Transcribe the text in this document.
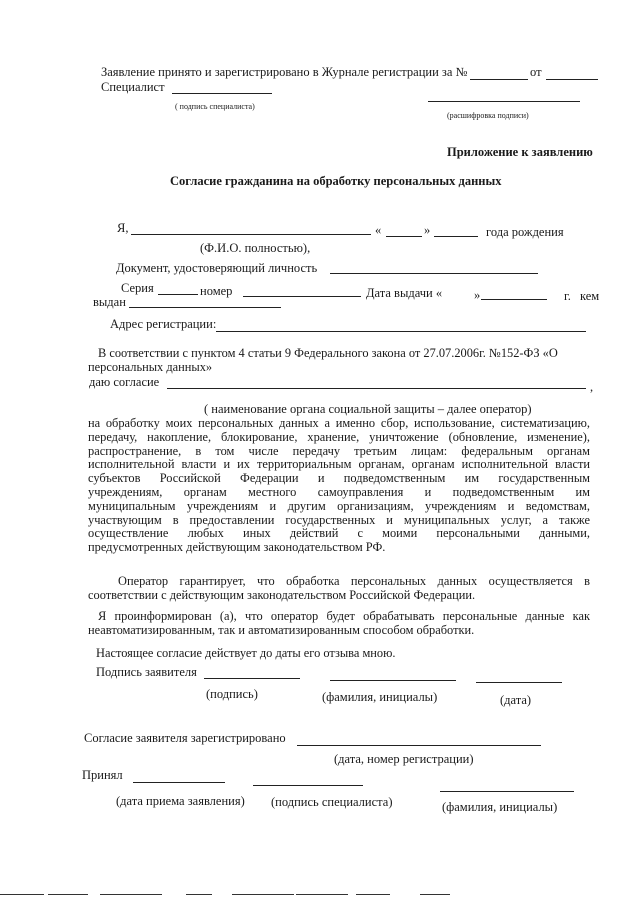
Заявление принято и зарегистрировано в Журнале регистрации за №	от
Специалист
( подпись специалиста)
(расшифровка подписи)
Приложение к заявлению
Согласие гражданина на обработку персональных данных
Я,	«	»	года рождения
(Ф.И.О. полностью),
Документ, удостоверяющий личность
Серия	номер	Дата выдачи «	»	г. кем
выдан
Адрес регистрации:
В соответствии с пунктом 4 статьи 9 Федерального закона от 27.07.2006г. №152-ФЗ «О
персональных данных»
даю согласие	,
( наименование органа социальной защиты – далее оператор)
на обработку моих персональных данных а именно сбор, использование, систематизацию,
передачу, накопление, блокирование, хранение, уничтожение (обновление, изменение),
распространение, в том числе передачу третьим лицам: федеральным органам
исполнительной власти и их территориальным органам, органам исполнительной власти
субъектов Российской Федерации и подведомственным им государственным
учреждениям, органам местного самоуправления и подведомственным им
муниципальным учреждениям и другим организациям, учреждениям и ведомствам,
участвующим в предоставлении государственных и муниципальных услуг, а также
осуществление любых иных действий с моими персональными данными,
предусмотренных действующим законодательством РФ.
Оператор гарантирует, что обработка персональных данных осуществляется в
соответствии с действующим законодательством Российской Федерации.
Я проинформирован (а), что оператор будет обрабатывать персональные данные как
неавтоматизированным, так и автоматизированным способом обработки.
Настоящее согласие действует до даты его отзыва мною.
Подпись заявителя
(подпись)	(фамилия, инициалы)	(дата)
Согласие заявителя зарегистрировано
(дата, номер регистрации)
Принял
(дата приема заявления) (подпись специалиста)	(фамилия, инициалы)
